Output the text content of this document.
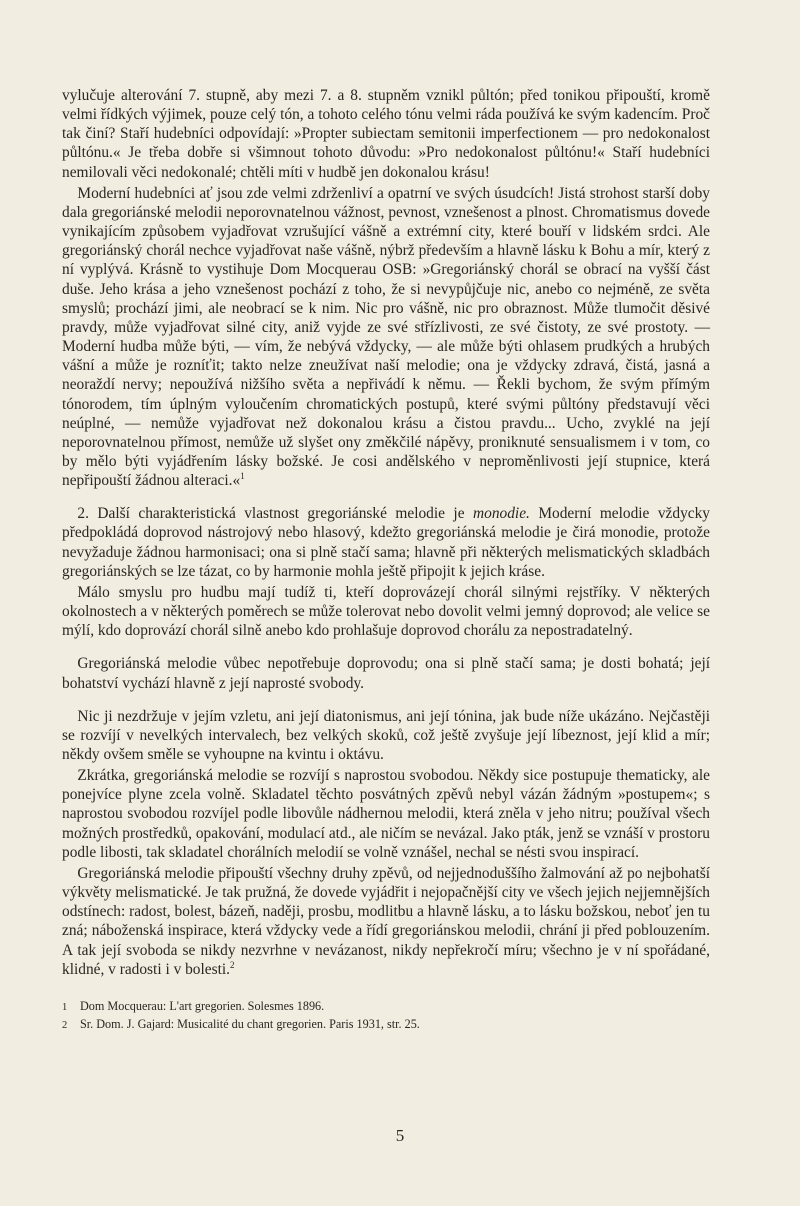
vylučuje alterování 7. stupně, aby mezi 7. a 8. stupněm vznikl půltón; před tonikou připouští, kromě velmi řídkých výjimek, pouze celý tón, a tohoto celého tónu velmi ráda používá ke svým kadencím. Proč tak činí? Staří hudebníci odpovídají: »Propter subiectam semitonii imperfectionem — pro nedokonalost půltónu.« Je třeba dobře si všimnout tohoto důvodu: »Pro nedokonalost půltónu!« Staří hudebníci nemilovali věci nedokonalé; chtěli míti v hudbě jen dokonalou krásu!

 Moderní hudebníci ať jsou zde velmi zdrženliví a opatrní ve svých úsudcích! Jistá strohost starší doby dala gregoriánské melodii neporovnatelnou vážnost, pevnost, vznešenost a plnost. Chromatismus dovede vynikajícím způsobem vyjadřovat vzrušující vášně a extrémní city, které bouří v lidském srdci. Ale gregoriánský chorál nechce vyjadřovat naše vášně, nýbrž především a hlavně lásku k Bohu a mír, který z ní vyplývá. Krásně to vystihuje Dom Mocquerau OSB: »Gregoriánský chorál se obrací na vyšší část duše. Jeho krása a jeho vznešenost pochází z toho, že si nevypůjčuje nic, anebo co nejméně, ze světa smyslů; prochází jimi, ale neobrací se k nim. Nic pro vášně, nic pro obraznost. Může tlumočit děsivé pravdy, může vyjadřovat silné city, aniž vyjde ze své střízlivosti, ze své čistoty, ze své prostoty. — Moderní hudba může býti, — vím, že nebývá vždycky, — ale může býti ohlasem prudkých a hrubých vášní a může je rozníťit; takto nelze zneužívat naší melodie; ona je vždycky zdravá, čistá, jasná a neoraždí nervy; nepoužívá nižšího světa a nepřivádí k němu. — Řekli bychom, že svým přímým tónorodem, tím úplným vyloučením chromatických postupů, které svými půltóny představují věci neúplné, — nemůže vyjadřovat než dokonalou krásu a čistou pravdu... Ucho, zvyklé na její neporovnatelnou přímost, nemůže už slyšet ony změkčilé nápěvy, proniknuté sensualismem i v tom, co by mělo býti vyjádřením lásky božské. Je cosi andělského v neproměnlivosti její stupnice, která nepřipouští žádnou alteraci.«$^1$

 2. Další charakteristická vlastnost gregoriánské melodie je monodie. Moderní melodie vždycky předpokládá doprovod nástrojový nebo hlasový, kdežto gregoriánská melodie je čirá monodie, protože nevyžaduje žádnou harmonisaci; ona si plně stačí sama; hlavně při některých melismatických skladbách gregoriánských se lze tázat, co by harmonie mohla ještě připojit k jejich kráse.

 Málo smyslu pro hudbu mají tudíž ti, kteří doprovázejí chorál silnými rejstříky. V některých okolnostech a v některých poměrech se může tolerovat nebo dovolit velmi jemný doprovod; ale velice se mýlí, kdo doprovází chorál silně anebo kdo prohlašuje doprovod chorálu za nepostradatelný.

 Gregoriánská melodie vůbec nepotřebuje doprovodu; ona si plně stačí sama; je dosti bohatá; její bohatství vychází hlavně z její naprosté svobody.

 Nic ji nezdržuje v jejím vzletu, ani její diatonismus, ani její tónina, jak bude níže ukázáno. Nejčastěji se rozvíjí v nevelkých intervalech, bez velkých skoků, což ještě zvyšuje její líbeznost, její klid a mír; někdy ovšem směle se vyhoupne na kvintu i oktávu.

 Zkrátka, gregoriánská melodie se rozvíjí s naprostou svobodou. Někdy sice postupuje thematicky, ale ponejvíce plyne zcela volně. Skladatel těchto posvátných zpěvů nebyl vázán žádným »postupem«; s naprostou svobodou rozvíjel podle libovůle nádhernou melodii, která zněla v jeho nitru; používal všech možných prostředků, opakování, modulací atd., ale ničím se nevázal. Jako pták, jenž se vznáší v prostoru podle libosti, tak skladatel chorálních melodií se volně vznášel, nechal se nésti svou inspirací.

 Gregoriánská melodie připouští všechny druhy zpěvů, od nejjednoduššího žalmování až po nejbohatší výkvěty melismatické. Je tak pružná, že dovede vyjádřit i nejopačnější city ve všech jejich nejjemnějších odstínech: radost, bolest, bázeň, naději, prosbu, modlitbu a hlavně lásku, a to lásku božskou, neboť jen tu zná; náboženská inspirace, která vždycky vede a řídí gregoriánskou melodii, chrání ji před poblouzením. A tak její svoboda se nikdy nezvrhne v nevázanost, nikdy nepřekročí míru; všechno je v ní spořádané, klidné, v radosti i v bolesti.$^2$

1 Dom Mocquerau: L'art gregorien. Solesmes 1896.
2 Sr. Dom. J. Gajard: Musicalité du chant gregorien. Paris 1931, str. 25.
5
